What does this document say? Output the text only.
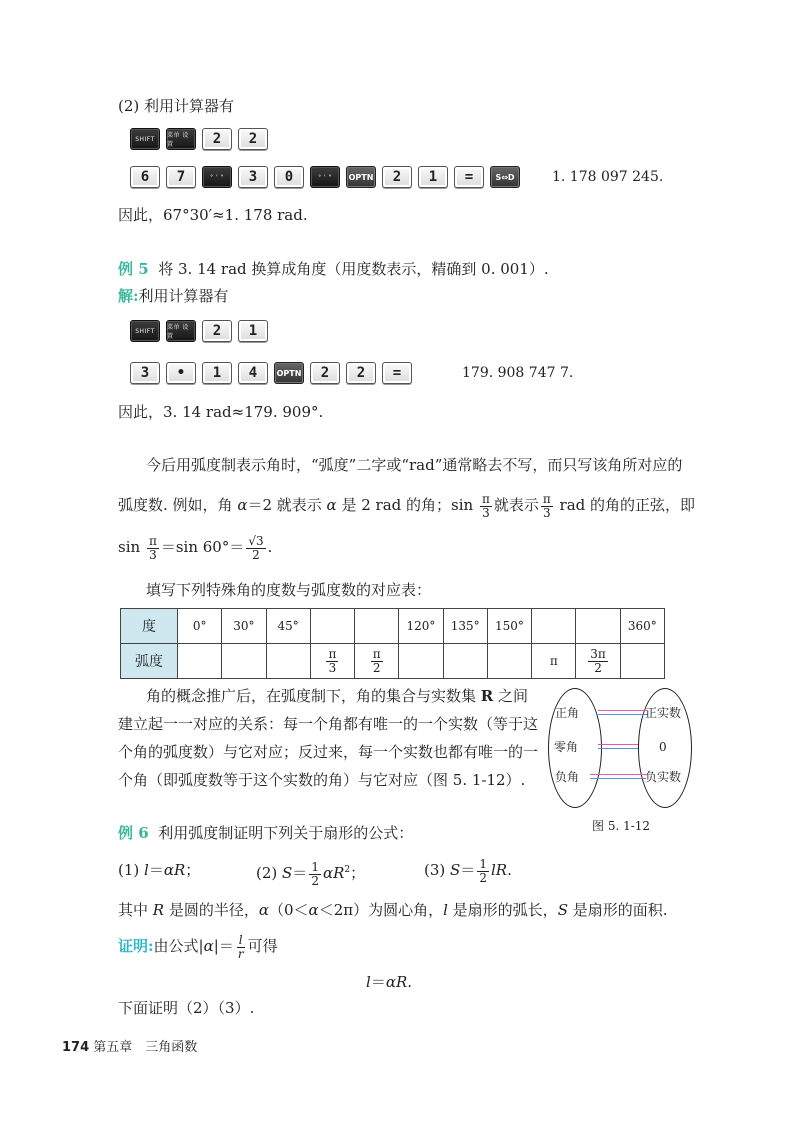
(2) 利用计算器有
SHIFT	菜单 设置	2	2
6	7	° ' "	3	0	° ' "	OPTN	2	1	=	S⇔D	1. 178 097 245.
因此，67°30′≈1. 178 rad.
例 5 将 3. 14 rad 换算成角度（用度数表示，精确到 0. 001）.
解:利用计算器有
SHIFT	菜单 设置	2	1
3	•	1	4	OPTN	2	2	=	179. 908 747 7.
因此，3. 14 rad≈179. 909°.
今后用弧度制表示角时，“弧度”二字或“rad”通常略去不写，而只写该角所对应的
弧度数. 例如，角 α＝2 就表示 α 是 2 rad 的角；$\sin \frac{\pi}{3}$ 就表示 $\frac{\pi}{3}$ rad 的角的正弦，即
$\sin \frac{\pi}{3} =\sin$ $60^\circ= \frac{√3}{2}$ .
填写下列特殊角的度数与弧度数的对应表：
度	0°	30°	45°			120°	135°	150°			360°
弧度				$\frac{\pi}{3}$	$\frac{\pi}{2}$				π	$\frac{3\pi}{2}$

角的概念推广后，在弧度制下，角的集合与实数集 R 之间
建立起一一对应的关系：每一个角都有唯一的一个实数（等于这
个角的弧度数）与它对应；反过来，每一个实数也都有唯一的一
个角（即弧度数等于这个实数的角）与它对应（图 5. 1-12）.
正角
零角
负角
正实数
0
负实数
图 5. 1-12
例 6 利用弧度制证明下列关于扇形的公式：
(1) l＝αR；	(2) $S= \frac{1}{2} \alpha R^2$；	(3) $S= \frac{1}{2}$ lR.
其中 R 是圆的半径，α（0＜α＜2π）为圆心角，l 是扇形的弧长，S 是扇形的面积.
证明:由公式$|\alpha|= \frac{l}{r}$ 可得
l＝αR.
下面证明（2）（3）.
174 第五章　三角函数
